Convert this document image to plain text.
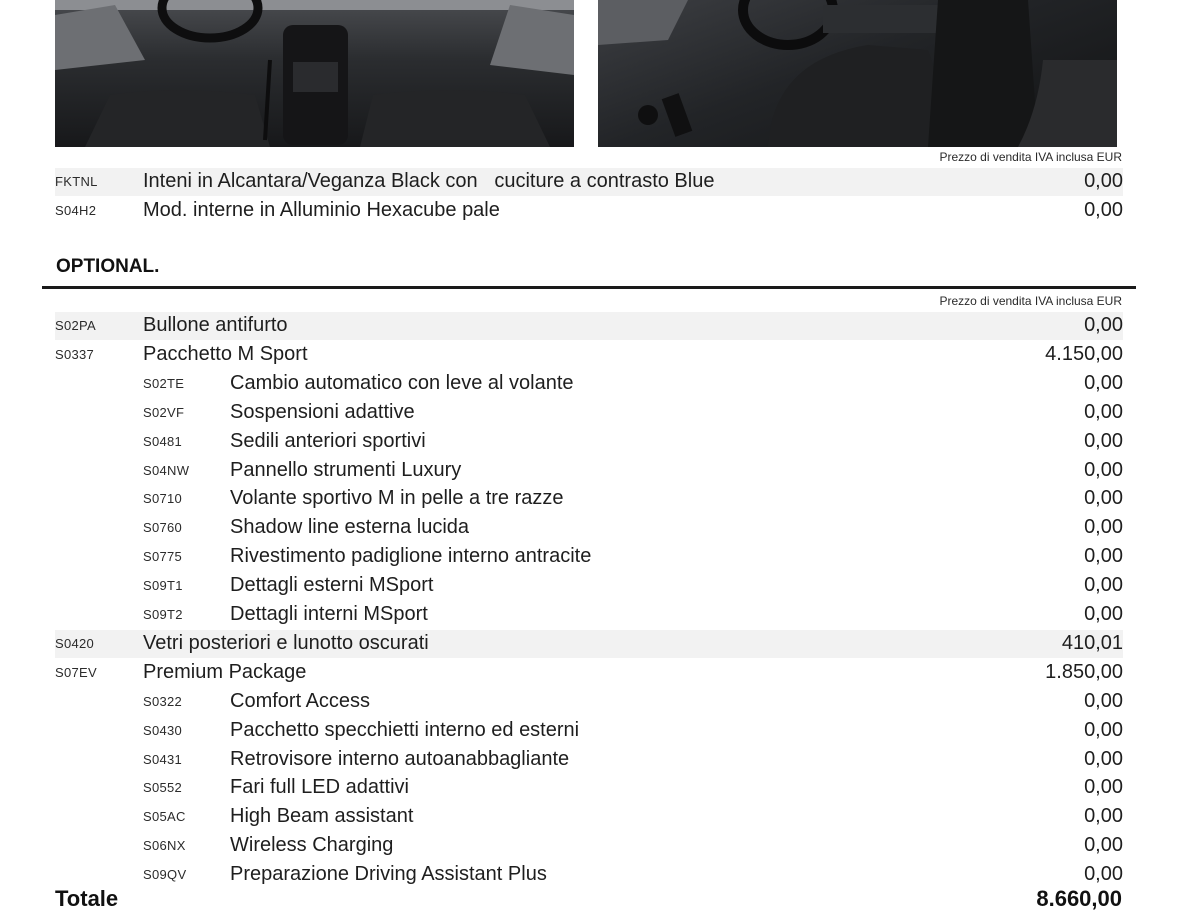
Prezzo di vendita IVA inclusa EUR
FKTNL Inteni in Alcantara/Veganza Black con   cuciture a contrasto Blue	0,00
S04H2 Mod. interne in Alluminio Hexacube pale	0,00
OPTIONAL.
Prezzo di vendita IVA inclusa EUR
S02PA Bullone antifurto	0,00
S0337 Pacchetto M Sport	4.150,00
S02TE Cambio automatico con leve al volante	0,00
S02VF Sospensioni adattive	0,00
S0481 Sedili anteriori sportivi	0,00
S04NW Pannello strumenti Luxury	0,00
S0710 Volante sportivo M in pelle a tre razze	0,00
S0760 Shadow line esterna lucida	0,00
S0775 Rivestimento padiglione interno antracite	0,00
S09T1 Dettagli esterni MSport	0,00
S09T2 Dettagli interni MSport	0,00
S0420 Vetri posteriori e lunotto oscurati	410,01
S07EV Premium Package	1.850,00
S0322 Comfort Access	0,00
S0430 Pacchetto specchietti interno ed esterni	0,00
S0431 Retrovisore interno autoanabbagliante	0,00
S0552 Fari full LED adattivi	0,00
S05AC High Beam assistant	0,00
S06NX Wireless Charging	0,00
S09QV Preparazione Driving Assistant Plus	0,00
Totale	8.660,00
